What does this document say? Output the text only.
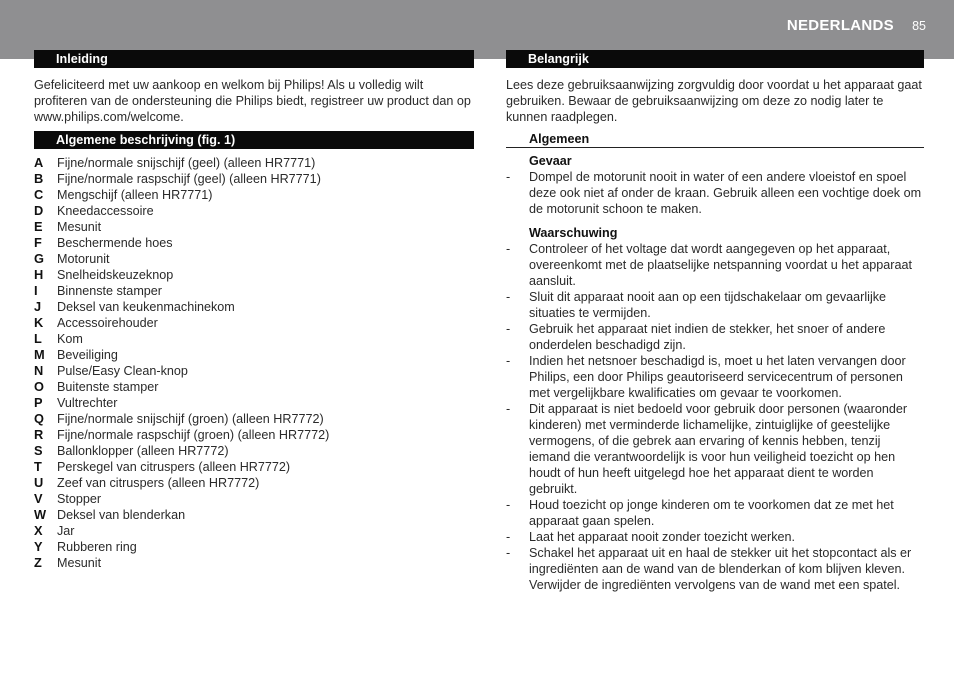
NEDERLANDS 85
Inleiding

Gefeliciteerd met uw aankoop en welkom bij Philips! Als u volledig wilt profiteren van de ondersteuning die Philips biedt, registreer uw product dan op www.philips.com/welcome.

Algemene beschrijving (fig. 1)
A Fijne/normale snijschijf (geel) (alleen HR7771)
B Fijne/normale raspschijf (geel) (alleen HR7771)
C Mengschijf (alleen HR7771)
D Kneedaccessoire
E Mesunit
F Beschermende hoes
G Motorunit
H Snelheidskeuzeknop
I Binnenste stamper
J Deksel van keukenmachinekom
K Accessoirehouder
L Kom
M Beveiliging
N Pulse/Easy Clean-knop
O Buitenste stamper
P Vultrechter
Q Fijne/normale snijschijf (groen) (alleen HR7772)
R Fijne/normale raspschijf (groen) (alleen HR7772)
S Ballonklopper (alleen HR7772)
T Perskegel van citruspers (alleen HR7772)
U Zeef van citruspers (alleen HR7772)
V Stopper
W Deksel van blenderkan
X Jar
Y Rubberen ring
Z Mesunit
Belangrijk

Lees deze gebruiksaanwijzing zorgvuldig door voordat u het apparaat gaat gebruiken. Bewaar de gebruiksaanwijzing om deze zo nodig later te kunnen raadplegen.

Algemeen
Gevaar
- Dompel de motorunit nooit in water of een andere vloeistof en spoel deze ook niet af onder de kraan. Gebruik alleen een vochtige doek om de motorunit schoon te maken.
Waarschuwing
- Controleer of het voltage dat wordt aangegeven op het apparaat, overeenkomt met de plaatselijke netspanning voordat u het apparaat aansluit.
- Sluit dit apparaat nooit aan op een tijdschakelaar om gevaarlijke situaties te vermijden.
- Gebruik het apparaat niet indien de stekker, het snoer of andere onderdelen beschadigd zijn.
- Indien het netsnoer beschadigd is, moet u het laten vervangen door Philips, een door Philips geautoriseerd servicecentrum of personen met vergelijkbare kwalificaties om gevaar te voorkomen.
- Dit apparaat is niet bedoeld voor gebruik door personen (waaronder kinderen) met verminderde lichamelijke, zintuiglijke of geestelijke vermogens, of die gebrek aan ervaring of kennis hebben, tenzij iemand die verantwoordelijk is voor hun veiligheid toezicht op hen houdt of hun heeft uitgelegd hoe het apparaat dient te worden gebruikt.
- Houd toezicht op jonge kinderen om te voorkomen dat ze met het apparaat gaan spelen.
- Laat het apparaat nooit zonder toezicht werken.
- Schakel het apparaat uit en haal de stekker uit het stopcontact als er ingrediënten aan de wand van de blenderkan of kom blijven kleven. Verwijder de ingrediënten vervolgens van de wand met een spatel.
